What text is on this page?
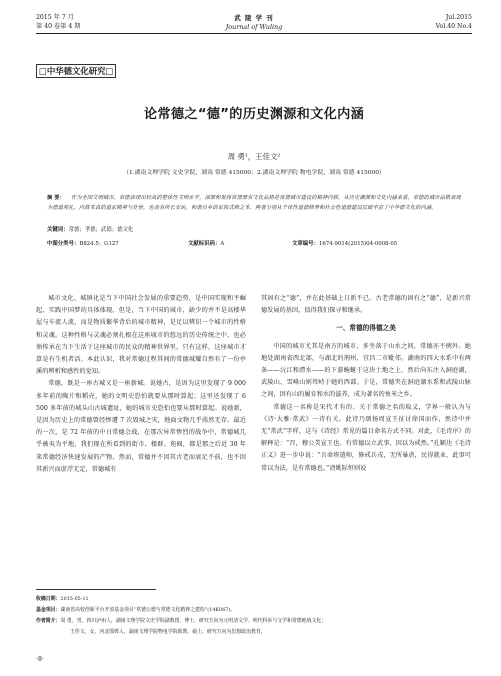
2015 年 7 月
第 40 卷第 4 期
武 陵 学 刊
Journal of Wuling
Jul.2015
Vol.40 No.4
□中华德文化研究□
论常德之“德”的历史渊源和文化内涵
周 勇¹，王佳文²
（1.湖南文理学院 文史学院，湖南 常德 415000；2.湖南文理学院 物电学院，湖南 常德 415000）
摘 要： 作为全国文明城市，常德表现出较高的整体性文明水平，深厚和发扬常德厚有文化品格是常德城市建设的精神内核。从历史渊源和文化内涵来看，常德的城市品格表现为德道观礼，内敛本真的道家精神与处世，也表有所长安民，和谐自乡的家族式修之本。两者分别从个体性道德修养和社会性道德建设层面丰富了中华德文化的内涵。
关键词：常德；孝德；武德；德文化
中图分类号：B824.5；G127	文献标识码：A	文章编号：1674-9014(2015)04-0008-05

城市文化、城镇化是当下中国社会发展的重要趋势，是中国实现和平崛起、实践中国梦的具体体现。但是，当下中国的城市，缺少的并不是高楼华屋与车流人流，而是物质繁华背后的城市精神，是足以辨识一个城市的性格和灵魂。这种性格与灵魂必须扎根在这座城市的悠远的历史传统之中，也必须传承在当下生活于这座城市的民众的精神世界里。只有这样，这座城市才算是有生机者活。本此认识，我对常德过程其间的常德城耀自然有了一份亭溪的辨析和感性的觉知。

常德，既是一座古城又是一座新城。说她古，是因为这里发现了 9 000 多年前的陶片和稻壳，她的文明史恐怕就要从那时算起；这里还发现了 6 500 多年前的城头山古城遗址，她的城市史恐怕也要从那时算起。说她新，是因为历史上的常德曾经惨遭 7 次毁城之灾，地面文物几乎荡然无存。最近的一次，是 72 年前的中日常德会战，在那次异常惨烈的战争中，常德城几乎被夷为平地，我们现在所看到的街市、楼群、苑囿，都是那之后近 30 年来常德经济快速发展的产物。然而，常德并不因其古老而衰足不前，也不因其新兴而虚浮无定，常德城有

其固有之“德”，并在此基础上日新不已。古老常德的固有之“德”，是新兴常德发展的基因，值得我们探寻和继承。

一、常德的得德之美

中国的城市尤其是南方的城市，多坐落于山水之间，常德亦不例外。她地处湖南省西北部，与湖北的荆州、宜昌二市毗邻。湖南的四大水系中有两条——沅江和澧水——的下游蜿蜒于这块土地之上，然后向东注入洞庭湖，武陵山、雪峰山则耸峙于她的西部。于是，常德夹在洞庭湖水系和武陵山脉之间，因有山的履育和水的滋养，成为著名的鱼米之乡。

常德这一名称是宋代才有的。关于常德之名的取义，学界一般认为与《诗·大雅·常武》一诗有关。此诗乃颂扬周宣王征讨徐国而作，然诗中并无“常武”字样，这与《诗经》常见的篇目命名方式不同。对此，《毛诗序》的解释是：“召，穆公美宣王也。有常德以立武事，因以为戒然。”孔颖达《毛诗正义》进一步申说：“言命将遣帅，修戒兵戎，无所暴虐，民得就业，此事可常以为法，是有常德也。”清姚际恒则说

收稿日期：2015-05-11
基金项目：湖南省高校创新平台开放基金项目“常德公德与常德文化精神之建构”(14K067)。
作者简介：周 勇，男，四川泸州人，湖南文理学院文史学院副教授，博士，研究方向为元明清文学、明代科举与文学和常德地域文化；
王佳文，女，河北邯郸人，湖南文理学院物电学院助教，硕士，研究方向为思想政治教育。
·8·
